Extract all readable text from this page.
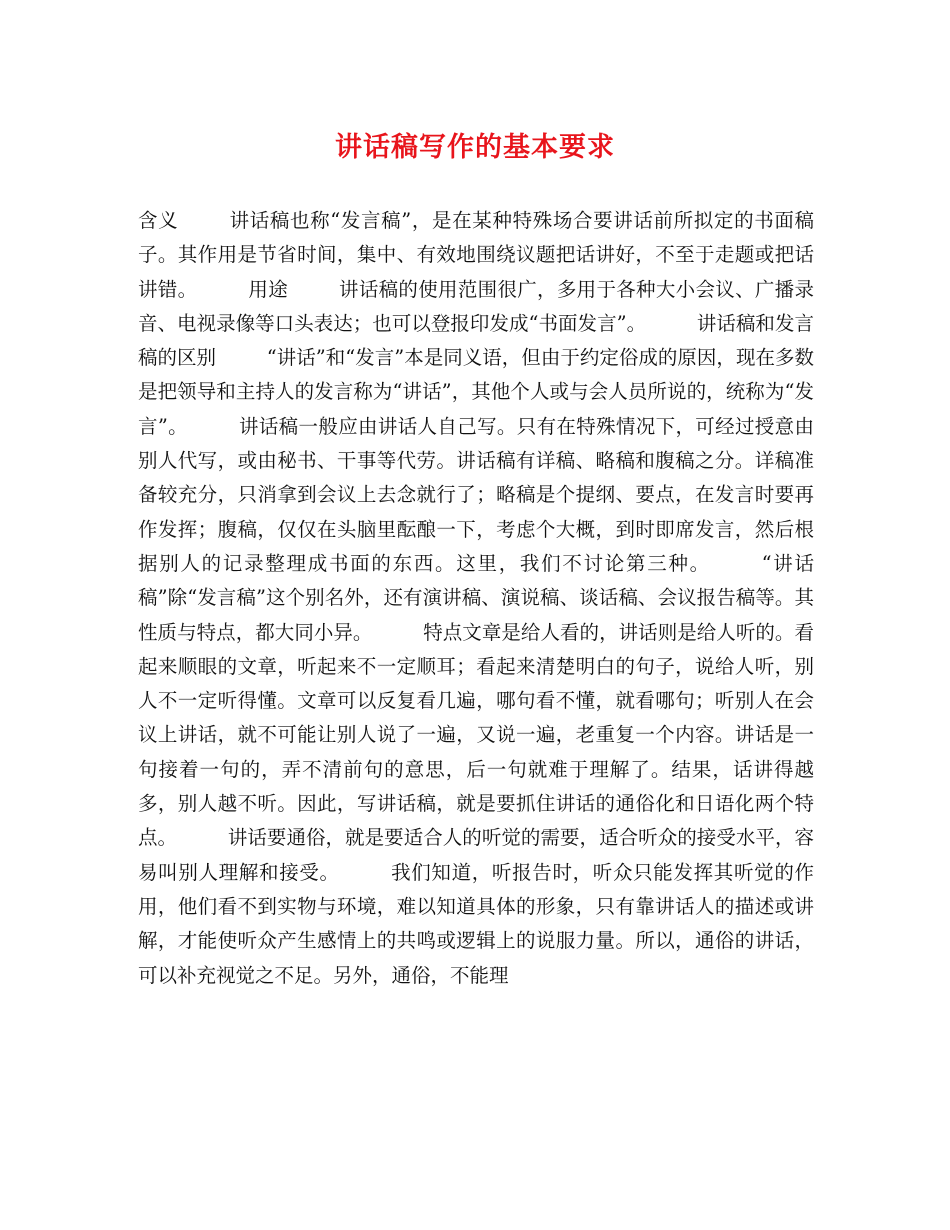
讲话稿写作的基本要求

含义	讲话稿也称“发言稿”，是在某种特殊场合要讲话前所拟定的书面稿子。其作用是节省时间，集中、有效地围绕议题把话讲好，不至于走题或把话讲错。	用途	讲话稿的使用范围很广，多用于各种大小会议、广播录音、电视录像等口头表达；也可以登报印发成“书面发言”。	讲话稿和发言稿的区别	“讲话”和“发言”本是同义语，但由于约定俗成的原因，现在多数是把领导和主持人的发言称为“讲话”，其他个人或与会人员所说的，统称为“发言”。	讲话稿一般应由讲话人自己写。只有在特殊情况下，可经过授意由别人代写，或由秘书、干事等代劳。讲话稿有详稿、略稿和腹稿之分。详稿准备较充分，只消拿到会议上去念就行了；略稿是个提纲、要点，在发言时要再作发挥；腹稿，仅仅在头脑里酝酿一下，考虑个大概，到时即席发言，然后根据别人的记录整理成书面的东西。这里，我们不讨论第三种。	“讲话稿”除“发言稿”这个别名外，还有演讲稿、演说稿、谈话稿、会议报告稿等。其性质与特点，都大同小异。	特点文章是给人看的，讲话则是给人听的。看起来顺眼的文章，听起来不一定顺耳；看起来清楚明白的句子，说给人听，别人不一定听得懂。文章可以反复看几遍，哪句看不懂，就看哪句；听别人在会议上讲话，就不可能让别人说了一遍，又说一遍，老重复一个内容。讲话是一句接着一句的，弄不清前句的意思，后一句就难于理解了。结果，话讲得越多，别人越不听。因此，写讲话稿，就是要抓住讲话的通俗化和日语化两个特点。	讲话要通俗，就是要适合人的听觉的需要，适合听众的接受水平，容易叫别人理解和接受。	我们知道，听报告时，听众只能发挥其听觉的作用，他们看不到实物与环境，难以知道具体的形象，只有靠讲话人的描述或讲解，才能使听众产生感情上的共鸣或逻辑上的说服力量。所以，通俗的讲话，可以补充视觉之不足。另外，通俗，不能理
